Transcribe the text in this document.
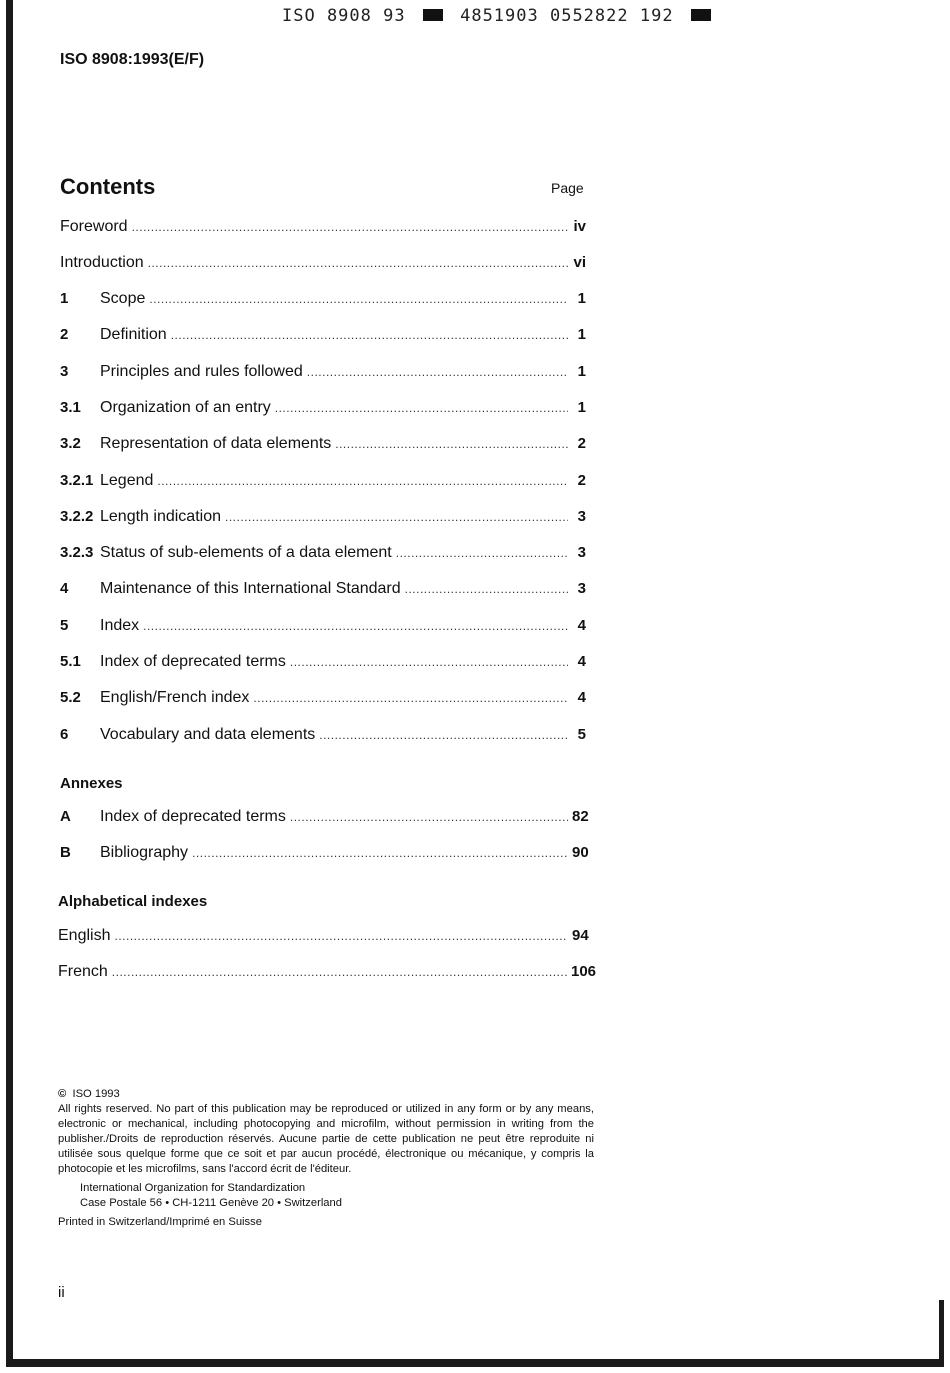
ISO 8908 93	4851903 0552822 192
ISO 8908:1993(E/F)
Contents	Page
Foreword .....	iv
Introduction .....	vi
1	Scope .....	1
2	Definition .....	1
3	Principles and rules followed .....	1
3.1	Organization of an entry .....	1
3.2	Representation of data elements .....	2
3.2.1 Legend .....	2
3.2.2 Length indication .....	3
3.2.3 Status of sub-elements of a data element .....	3
4	Maintenance of this International Standard .....	3
5	Index .....	4
5.1	Index of deprecated terms .....	4
5.2	English/French index .....	4
6	Vocabulary and data elements .....	5
Annexes
A	Index of deprecated terms .....	82
B	Bibliography .....	90
Alphabetical indexes
English .....	94
French .....	106

© ISO 1993

All rights reserved. No part of this publication may be reproduced or utilized in any form or by any means, electronic or mechanical, including photocopying and microfilm, without permission in writing from the publisher./Droits de reproduction réservés. Aucune partie de cette publication ne peut être reproduite ni utilisée sous quelque forme que ce soit et par aucun procédé, électronique ou mécanique, y compris la photocopie et les microfilms, sans l'accord écrit de l'éditeur.

International Organization for Standardization

Case Postale 56 • CH-1211 Genève 20 • Switzerland

Printed in Switzerland/Imprimé en Suisse

ii
